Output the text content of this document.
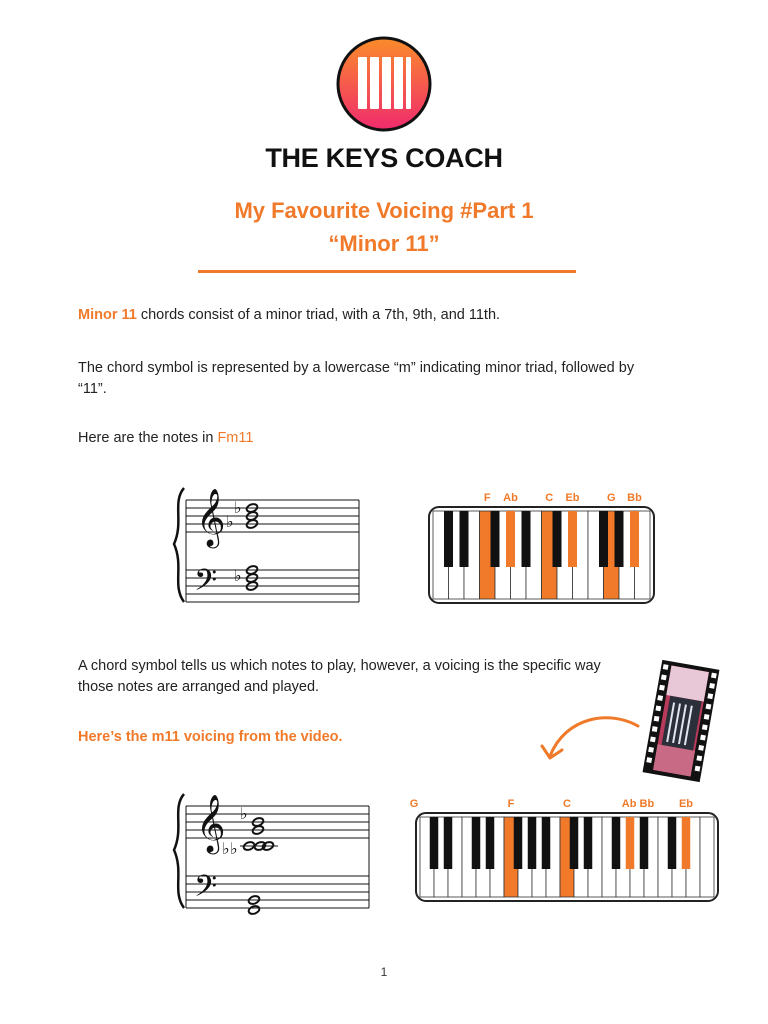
THE KEYS COACH
My Favourite Voicing #Part 1
“Minor 11”
Minor 11 chords consist of a minor triad, with a 7th, 9th, and 11th.
The chord symbol is represented by a lowercase “m” indicating minor triad, followed by “11”.
Here are the notes in Fm11
𝄞
𝄢
♭
♭
♭
F Ab C Eb G Bb
A chord symbol tells us which notes to play, however, a voicing is the specific way those notes are arranged and played.
Here’s the m11 voicing from the video.
𝄞
𝄢
♭
♭ ♭
F	C	Ab Bb Eb
G
1
